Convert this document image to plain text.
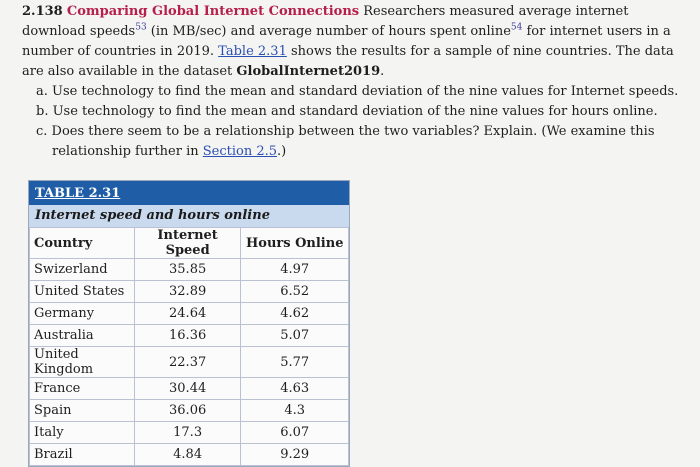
2.138 Comparing Global Internet Connections Researchers measured average internet download speeds$^{53}$ (in MB/sec) and average number of hours spent online$^{54}$ for internet users in a number of countries in 2019. Table 2.31 shows the results for a sample of nine countries. The data are also available in the dataset GlobalInternet2019.
a. Use technology to find the mean and standard deviation of the nine values for Internet speeds.
b. Use technology to find the mean and standard deviation of the nine values for hours online.
c. Does there seem to be a relationship between the two variables? Explain. (We examine this relationship further in Section 2.5.)
TABLE 2.31
Internet speed and hours online
Country	Internet Speed	Hours Online
Swizerland	35.85	4.97
United States	32.89	6.52
Germany	24.64	4.62
Australia	16.36	5.07
United Kingdom	22.37	5.77
France	30.44	4.63
Spain	36.06	4.3
Italy	17.3	6.07
Brazil	4.84	9.29
